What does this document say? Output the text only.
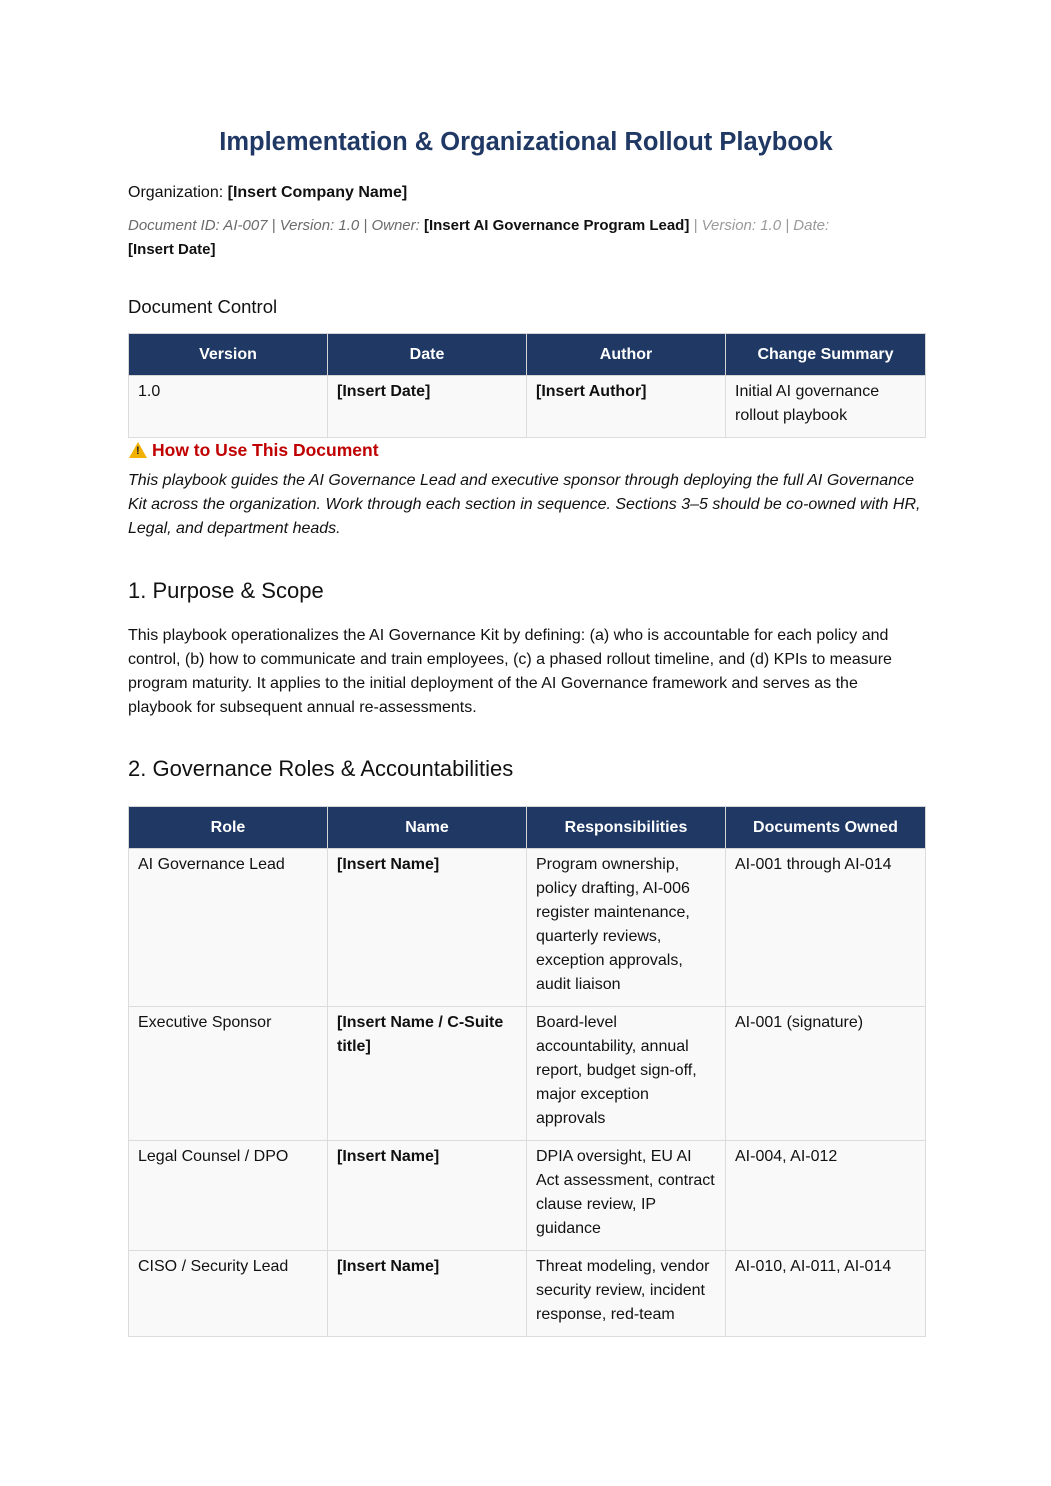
Implementation & Organizational Rollout Playbook
Organization: [Insert Company Name]
Document ID: AI-007 | Version: 1.0 | Owner: [Insert AI Governance Program Lead] | Version: 1.0 | Date:
[Insert Date]
Document Control
Version	Date	Author	Change Summary
1.0	[Insert Date]	[Insert Author]	Initial AI governance rollout playbook
! How to Use This Document
This playbook guides the AI Governance Lead and executive sponsor through deploying the full AI Governance Kit across the organization. Work through each section in sequence. Sections 3–5 should be co-owned with HR, Legal, and department heads.
1. Purpose & Scope
This playbook operationalizes the AI Governance Kit by defining: (a) who is accountable for each policy and control, (b) how to communicate and train employees, (c) a phased rollout timeline, and (d) KPIs to measure program maturity. It applies to the initial deployment of the AI Governance framework and serves as the playbook for subsequent annual re-assessments.
2. Governance Roles & Accountabilities
Role	Name	Responsibilities	Documents Owned
AI Governance Lead	[Insert Name]	Program ownership, policy drafting, AI-006 register maintenance, quarterly reviews, exception approvals, audit liaison	AI-001 through AI-014
Executive Sponsor	[Insert Name / C-Suite title]	Board-level accountability, annual report, budget sign-off, major exception approvals	AI-001 (signature)
Legal Counsel / DPO	[Insert Name]	DPIA oversight, EU AI Act assessment, contract clause review, IP guidance	AI-004, AI-012
CISO / Security Lead	[Insert Name]	Threat modeling, vendor security review, incident response, red-team	AI-010, AI-011, AI-014
